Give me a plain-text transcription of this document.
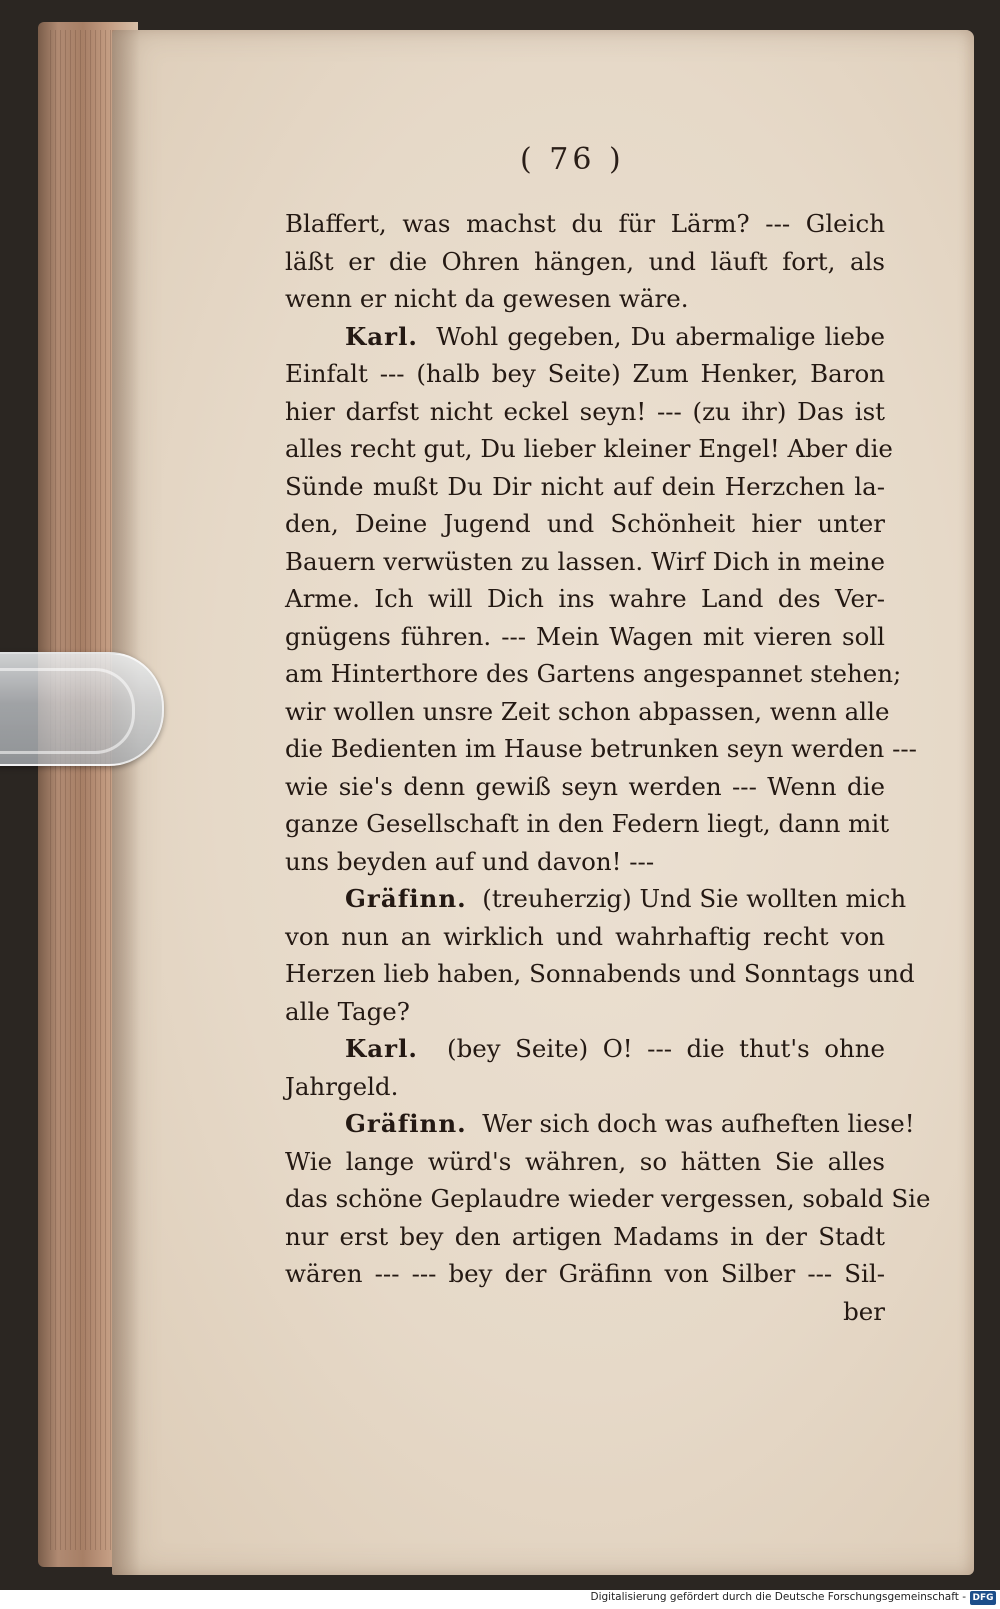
( 76 )
Blaffert, was machst du für Lärm? --- Gleich
läßt er die Ohren hängen, und läuft fort, als
wenn er nicht da gewesen wäre.
Karl. Wohl gegeben, Du abermalige liebe
Einfalt --- (halb bey Seite) Zum Henker, Baron
hier darfst nicht eckel seyn! --- (zu ihr) Das ist
alles recht gut, Du lieber kleiner Engel! Aber die
Sünde mußt Du Dir nicht auf dein Herzchen la-
den, Deine Jugend und Schönheit hier unter
Bauern verwüsten zu lassen. Wirf Dich in meine
Arme. Ich will Dich ins wahre Land des Ver-
gnügens führen. --- Mein Wagen mit vieren soll
am Hinterthore des Gartens angespannet stehen;
wir wollen unsre Zeit schon abpassen, wenn alle
die Bedienten im Hause betrunken seyn werden ---
wie sie's denn gewiß seyn werden --- Wenn die
ganze Gesellschaft in den Federn liegt, dann mit
uns beyden auf und davon! ---
Gräfinn. (treuherzig) Und Sie wollten mich
von nun an wirklich und wahrhaftig recht von
Herzen lieb haben, Sonnabends und Sonntags und
alle Tage?
Karl. (bey Seite) O! --- die thut's ohne
Jahrgeld.
Gräfinn. Wer sich doch was aufheften liese!
Wie lange würd's währen, so hätten Sie alles
das schöne Geplaudre wieder vergessen, sobald Sie
nur erst bey den artigen Madams in der Stadt
wären --- --- bey der Gräfinn von Silber --- Sil-
ber
Digitalisierung gefördert durch die Deutsche Forschungsgemeinschaft - DFG
